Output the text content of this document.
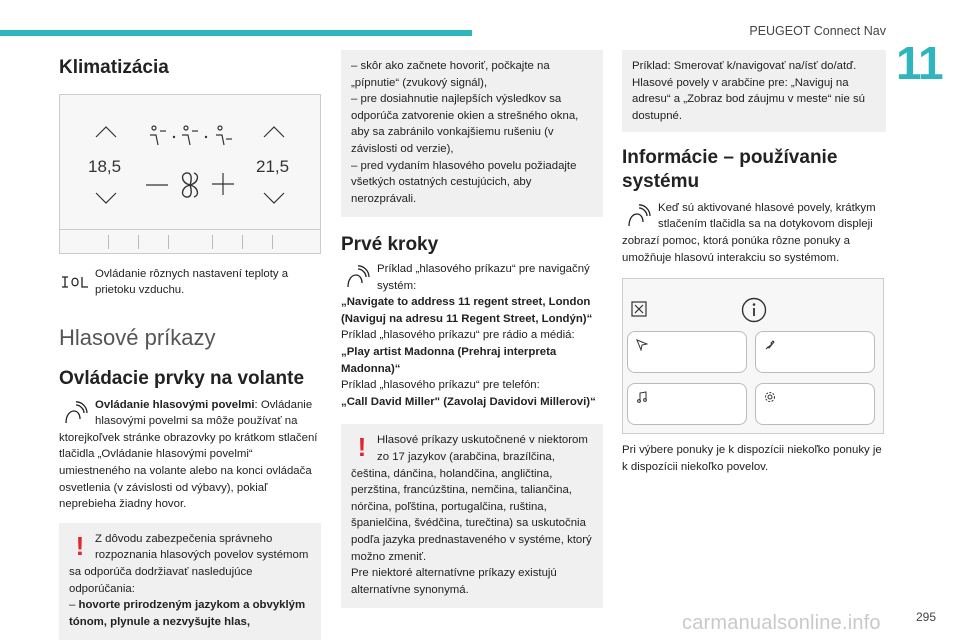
PEUGEOT Connect Nav
11
Klimatizácia
18,5	21,5
Ovládanie rôznych nastavení teploty a prietoku vzduchu.
Hlasové príkazy
Ovládacie prvky na volante
Ovládanie hlasovými povelmi: Ovládanie hlasovými povelmi sa môže používať na ktorejkoľvek stránke obrazovky po krátkom stlačení tlačidla „Ovládanie hlasovými povelmi“ umiestneného na volante alebo na konci ovládača osvetlenia (v závislosti od výbavy), pokiaľ neprebieha žiadny hovor.
! Z dôvodu zabezpečenia správneho rozpoznania hlasových povelov systémom sa odporúča dodržiavať nasledujúce odporúčania:
– hovorte prirodzeným jazykom a obvyklým tónom, plynule a nezvyšujte hlas,
– skôr ako začnete hovoriť, počkajte na „pípnutie“ (zvukový signál),
– pre dosiahnutie najlepších výsledkov sa odporúča zatvorenie okien a strešného okna, aby sa zabránilo vonkajšiemu rušeniu (v závislosti od verzie),
– pred vydaním hlasového povelu požiadajte všetkých ostatných cestujúcich, aby nerozprávali.
Prvé kroky
Príklad „hlasového príkazu“ pre navigačný systém:
„Navigate to address 11 regent street, London (Naviguj na adresu 11 Regent Street, Londýn)“
Príklad „hlasového príkazu“ pre rádio a médiá:
„Play artist Madonna (Prehraj interpreta Madonna)“
Príklad „hlasového príkazu“ pre telefón:
„Call David Miller" (Zavolaj Davidovi Millerovi)“
! Hlasové príkazy uskutočnené v niektorom zo 17 jazykov (arabčina, brazílčina, čeština, dánčina, holandčina, angličtina, perzština, francúzština, nemčina, taliančina, nórčina, poľština, portugalčina, ruština, španielčina, švédčina, turečtina) sa uskutočnia podľa jazyka prednastaveného v systéme, ktorý možno zmeniť.
Pre niektoré alternatívne príkazy existujú alternatívne synonymá.
Príklad: Smerovať k/navigovať na/ísť do/atď. Hlasové povely v arabčine pre: „Naviguj na adresu“ a „Zobraz bod záujmu v meste“ nie sú dostupné.
Informácie – používanie systému
Keď sú aktivované hlasové povely, krátkym stlačením tlačidla sa na dotykovom displeji zobrazí pomoc, ktorá ponúka rôzne ponuky a umožňuje hlasovú interakciu so systémom.
Pri výbere ponuky je k dispozícii niekoľko ponuky je k dispozícii niekoľko povelov.
295
carmanualsonline.info
